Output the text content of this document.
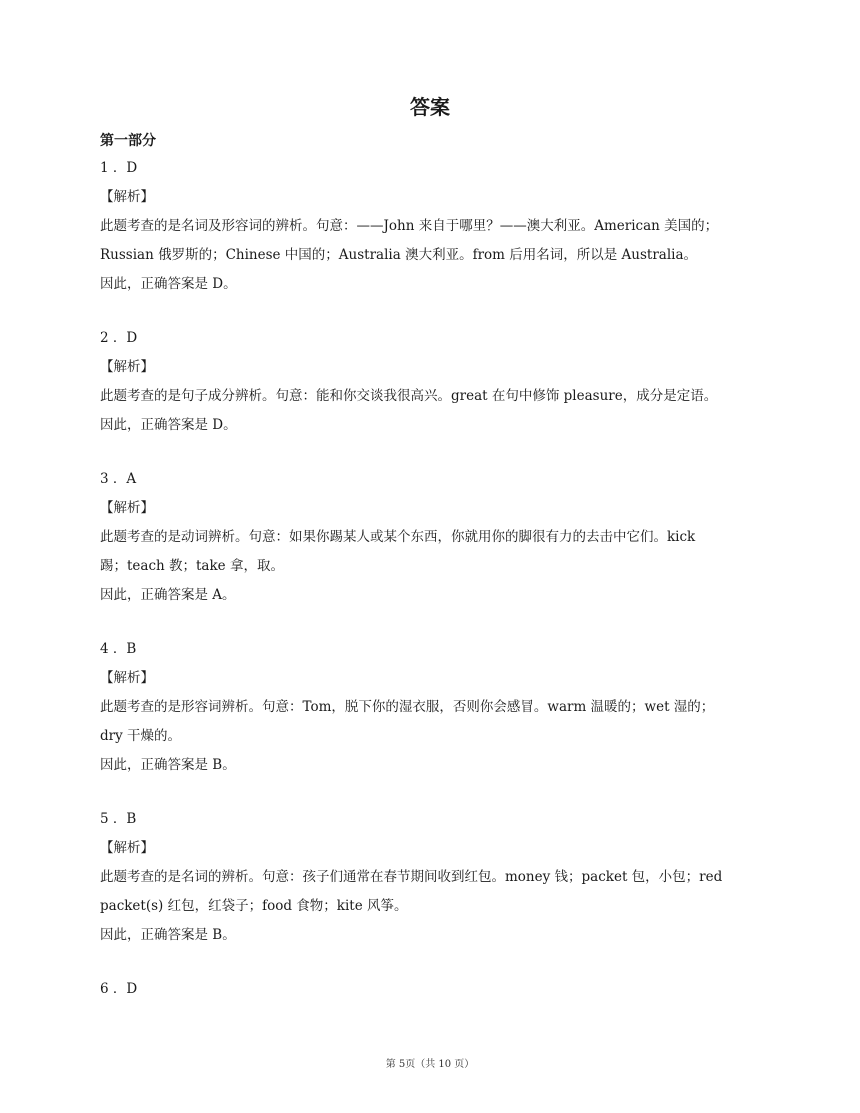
答案
第一部分
1 ．D
【解析】
此题考查的是名词及形容词的辨析。句意：——John 来自于哪里？——澳大利亚。American 美国的；
Russian 俄罗斯的；Chinese 中国的；Australia 澳大利亚。from 后用名词，所以是 Australia。
因此，正确答案是 D。
2 ．D
【解析】
此题考查的是句子成分辨析。句意：能和你交谈我很高兴。great 在句中修饰 pleasure，成分是定语。
因此，正确答案是 D。
3 ．A
【解析】
此题考查的是动词辨析。句意：如果你踢某人或某个东西，你就用你的脚很有力的去击中它们。kick
踢；teach 教；take 拿，取。
因此，正确答案是 A。
4 ．B
【解析】
此题考查的是形容词辨析。句意：Tom，脱下你的湿衣服，否则你会感冒。warm 温暖的；wet 湿的；
dry 干燥的。
因此，正确答案是 B。
5 ．B
【解析】
此题考查的是名词的辨析。句意：孩子们通常在春节期间收到红包。money 钱；packet 包，小包；red
packet(s) 红包，红袋子；food 食物；kite 风筝。
因此，正确答案是 B。
6 ．D
第 5页（共 10 页）
